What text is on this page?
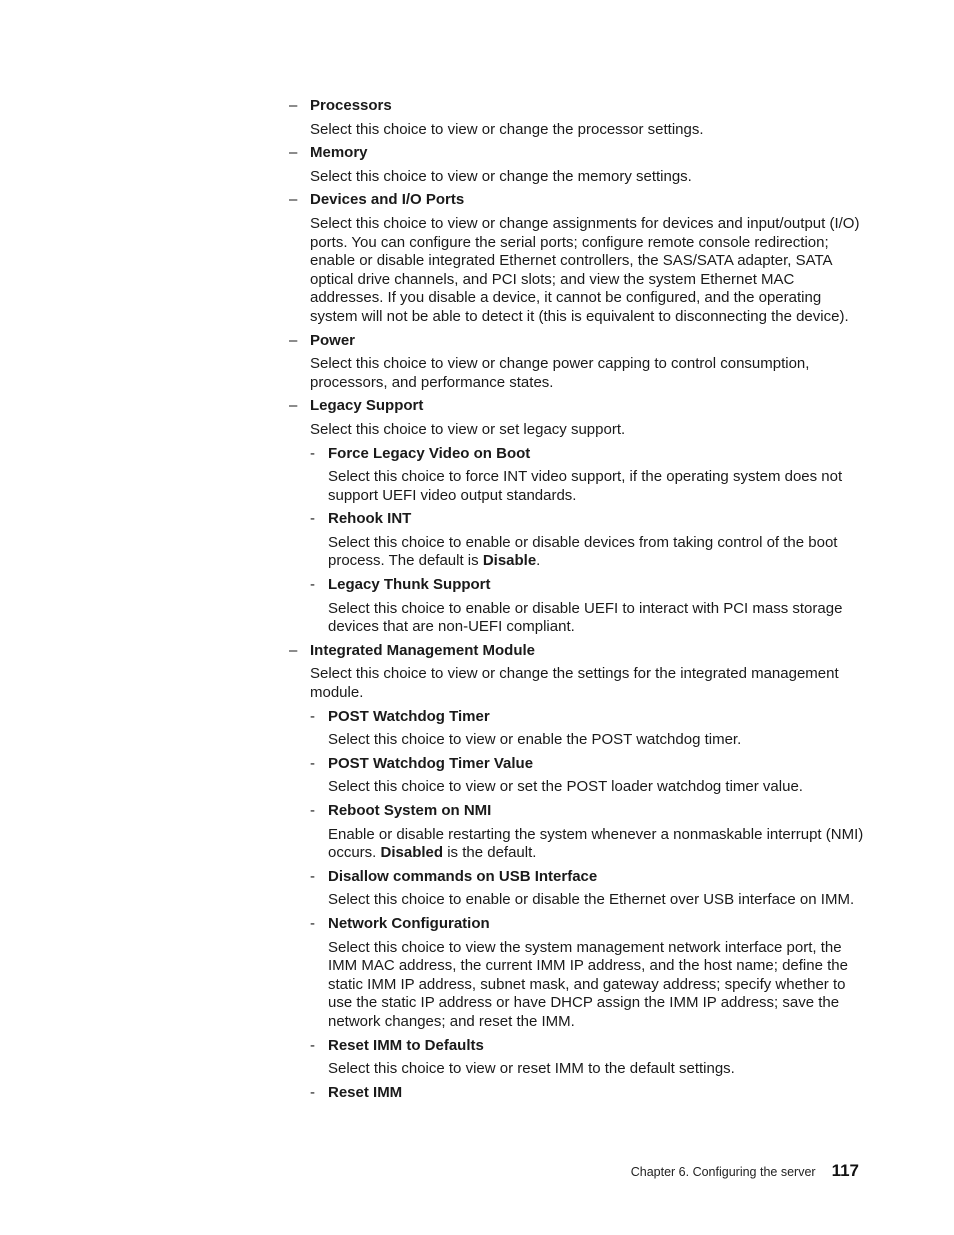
– Processors
Select this choice to view or change the processor settings.
– Memory
Select this choice to view or change the memory settings.
– Devices and I/O Ports
Select this choice to view or change assignments for devices and input/output (I/O) ports. You can configure the serial ports; configure remote console redirection; enable or disable integrated Ethernet controllers, the SAS/SATA adapter, SATA optical drive channels, and PCI slots; and view the system Ethernet MAC addresses. If you disable a device, it cannot be configured, and the operating system will not be able to detect it (this is equivalent to disconnecting the device).
– Power
Select this choice to view or change power capping to control consumption, processors, and performance states.
– Legacy Support
Select this choice to view or set legacy support.
- Force Legacy Video on Boot
Select this choice to force INT video support, if the operating system does not support UEFI video output standards.
- Rehook INT
Select this choice to enable or disable devices from taking control of the boot process. The default is Disable.
- Legacy Thunk Support
Select this choice to enable or disable UEFI to interact with PCI mass storage devices that are non-UEFI compliant.
– Integrated Management Module
Select this choice to view or change the settings for the integrated management module.
- POST Watchdog Timer
Select this choice to view or enable the POST watchdog timer.
- POST Watchdog Timer Value
Select this choice to view or set the POST loader watchdog timer value.
- Reboot System on NMI
Enable or disable restarting the system whenever a nonmaskable interrupt (NMI) occurs. Disabled is the default.
- Disallow commands on USB Interface
Select this choice to enable or disable the Ethernet over USB interface on IMM.
- Network Configuration
Select this choice to view the system management network interface port, the IMM MAC address, the current IMM IP address, and the host name; define the static IMM IP address, subnet mask, and gateway address; specify whether to use the static IP address or have DHCP assign the IMM IP address; save the network changes; and reset the IMM.
- Reset IMM to Defaults
Select this choice to view or reset IMM to the default settings.
- Reset IMM
Chapter 6. Configuring the server 117
